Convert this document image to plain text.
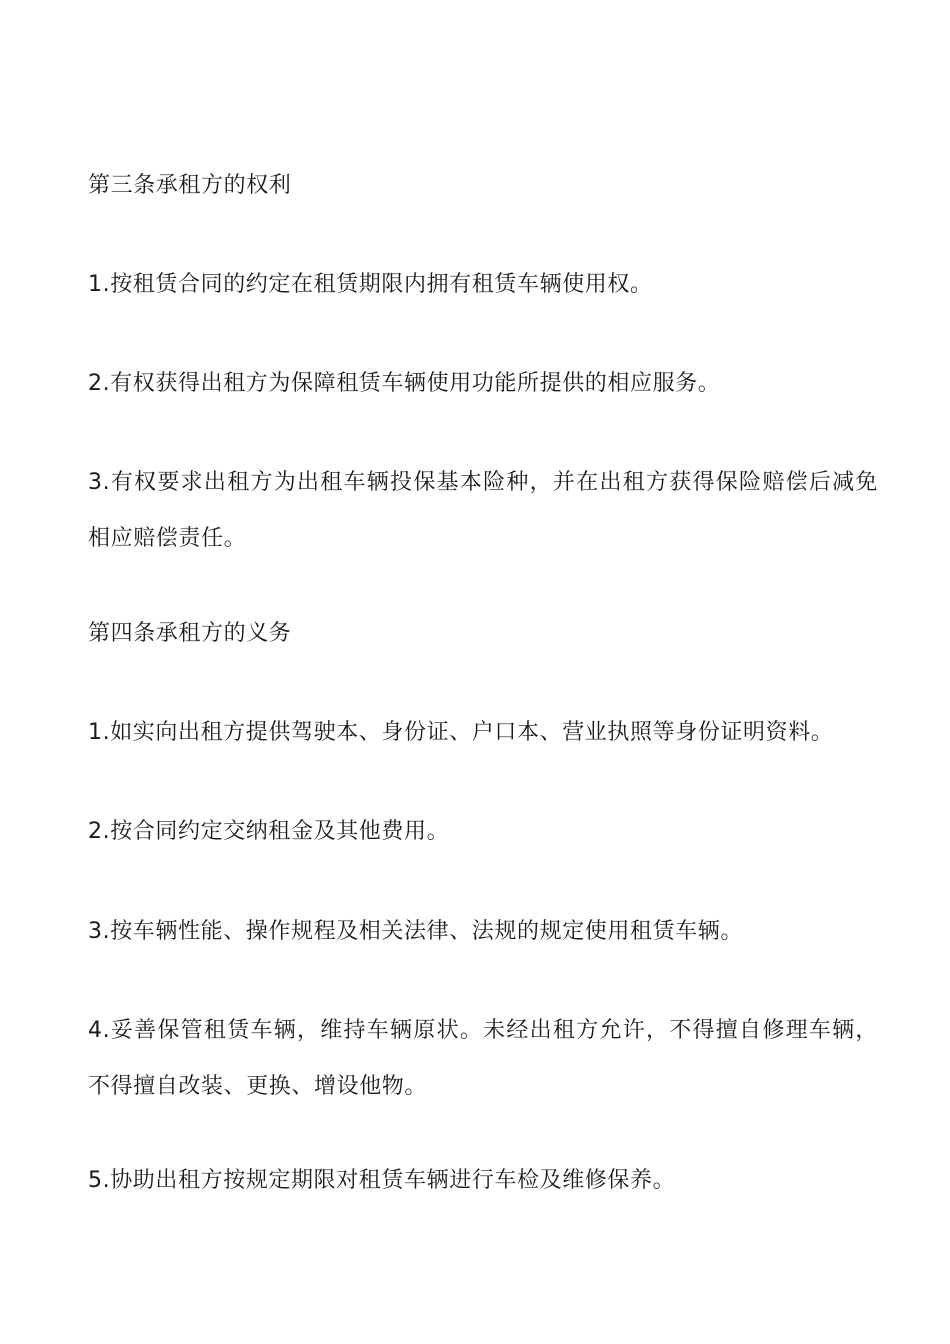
第三条承租方的权利
1.按租赁合同的约定在租赁期限内拥有租赁车辆使用权。
2.有权获得出租方为保障租赁车辆使用功能所提供的相应服务。
3.有权要求出租方为出租车辆投保基本险种，并在出租方获得保险赔偿后减免相应赔偿责任。
第四条承租方的义务
1.如实向出租方提供驾驶本、身份证、户口本、营业执照等身份证明资料。
2.按合同约定交纳租金及其他费用。
3.按车辆性能、操作规程及相关法律、法规的规定使用租赁车辆。
4.妥善保管租赁车辆，维持车辆原状。未经出租方允许，不得擅自修理车辆，不得擅自改装、更换、增设他物。
5.协助出租方按规定期限对租赁车辆进行车检及维修保养。
